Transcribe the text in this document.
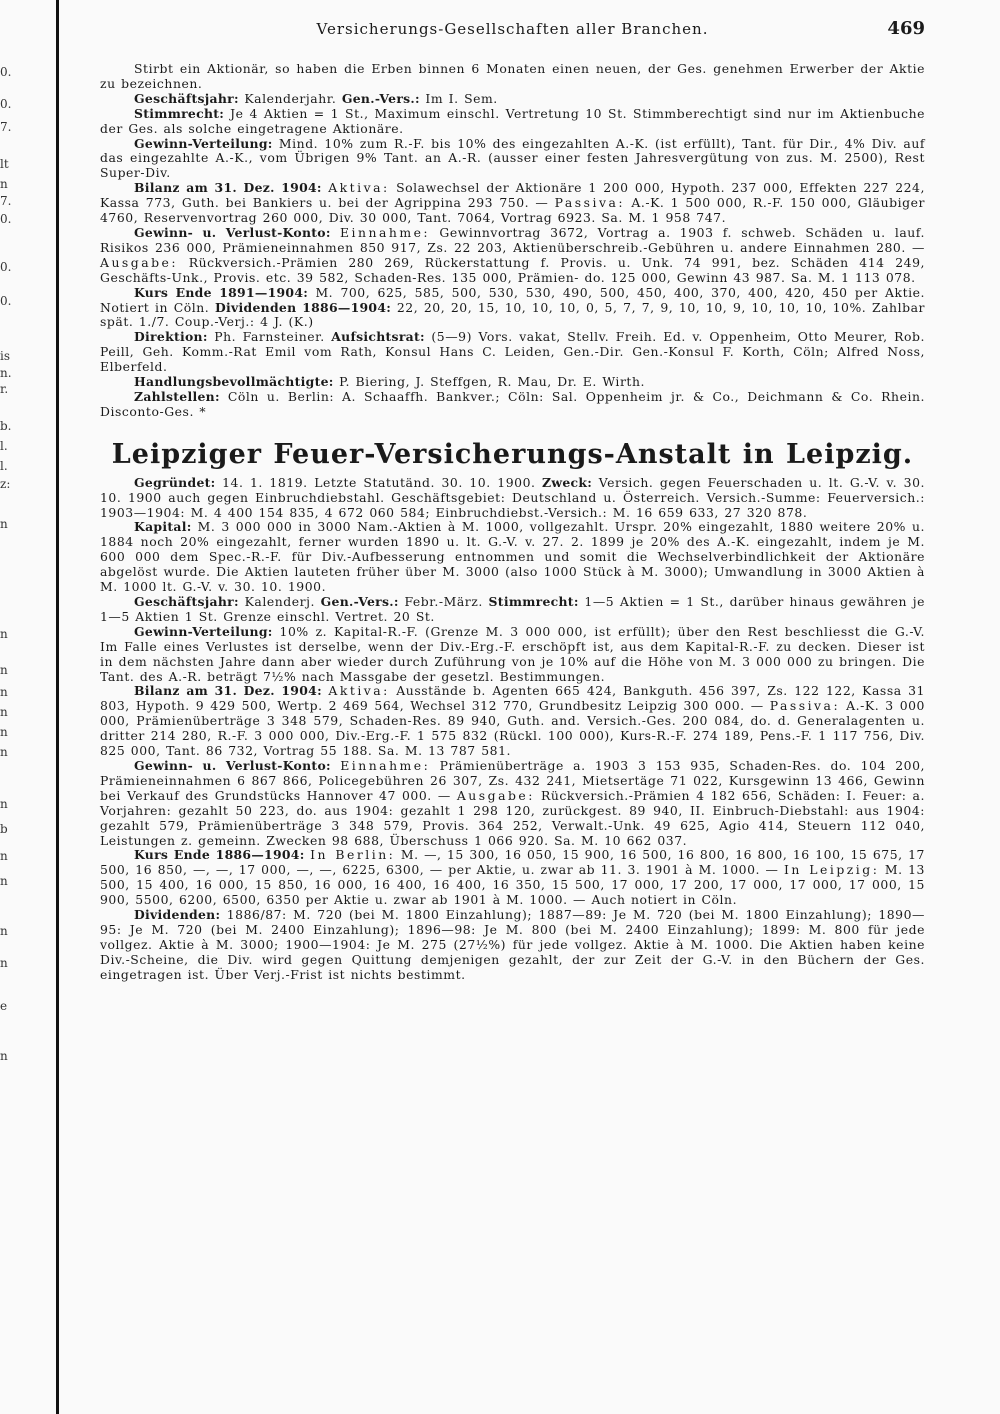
0.
0.
7.
lt
n
7.
0.
0.
0.
is
n.
r.
b.
l.
l.
z:
n
n
n
n
n
n
n
n
b
n
n
n
n
e
n
Versicherungs-Gesellschaften aller Branchen.	469

Stirbt ein Aktionär, so haben die Erben binnen 6 Monaten einen neuen, der Ges. genehmen Erwerber der Aktie zu bezeichnen.

Geschäftsjahr: Kalenderjahr. Gen.-Vers.: Im I. Sem.

Stimmrecht: Je 4 Aktien = 1 St., Maximum einschl. Vertretung 10 St. Stimmberechtigt sind nur im Aktienbuche der Ges. als solche eingetragene Aktionäre.

Gewinn-Verteilung: Mind. 10% zum R.-F. bis 10% des eingezahlten A.-K. (ist erfüllt), Tant. für Dir., 4% Div. auf das eingezahlte A.-K., vom Übrigen 9% Tant. an A.-R. (ausser einer festen Jahresvergütung von zus. M. 2500), Rest Super-Div.

Bilanz am 31. Dez. 1904: Aktiva: Solawechsel der Aktionäre 1 200 000, Hypoth. 237 000, Effekten 227 224, Kassa 773, Guth. bei Bankiers u. bei der Agrippina 293 750. — Passiva: A.-K. 1 500 000, R.-F. 150 000, Gläubiger 4760, Reservenvortrag 260 000, Div. 30 000, Tant. 7064, Vortrag 6923. Sa. M. 1 958 747.

Gewinn- u. Verlust-Konto: Einnahme: Gewinnvortrag 3672, Vortrag a. 1903 f. schweb. Schäden u. lauf. Risikos 236 000, Prämieneinnahmen 850 917, Zs. 22 203, Aktienüberschreib.-Gebühren u. andere Einnahmen 280. — Ausgabe: Rückversich.-Prämien 280 269, Rückerstattung f. Provis. u. Unk. 74 991, bez. Schäden 414 249, Geschäfts-Unk., Provis. etc. 39 582, Schaden-Res. 135 000, Prämien- do. 125 000, Gewinn 43 987. Sa. M. 1 113 078.

Kurs Ende 1891—1904: M. 700, 625, 585, 500, 530, 530, 490, 500, 450, 400, 370, 400, 420, 450 per Aktie. Notiert in Cöln. Dividenden 1886—1904: 22, 20, 20, 15, 10, 10, 10, 0, 5, 7, 7, 9, 10, 10, 9, 10, 10, 10, 10%. Zahlbar spät. 1./7. Coup.-Verj.: 4 J. (K.)

Direktion: Ph. Farnsteiner. Aufsichtsrat: (5—9) Vors. vakat, Stellv. Freih. Ed. v. Oppenheim, Otto Meurer, Rob. Peill, Geh. Komm.-Rat Emil vom Rath, Konsul Hans C. Leiden, Gen.-Dir. Gen.-Konsul F. Korth, Cöln; Alfred Noss, Elberfeld.

Handlungsbevollmächtigte: P. Biering, J. Steffgen, R. Mau, Dr. E. Wirth.

Zahlstellen: Cöln u. Berlin: A. Schaaffh. Bankver.; Cöln: Sal. Oppenheim jr. & Co., Deichmann & Co. Rhein. Disconto-Ges. *

Leipziger Feuer-Versicherungs-Anstalt in Leipzig.

Gegründet: 14. 1. 1819. Letzte Statutänd. 30. 10. 1900. Zweck: Versich. gegen Feuerschaden u. lt. G.-V. v. 30. 10. 1900 auch gegen Einbruchdiebstahl. Geschäftsgebiet: Deutschland u. Österreich. Versich.-Summe: Feuerversich.: 1903—1904: M. 4 400 154 835, 4 672 060 584; Einbruchdiebst.-Versich.: M. 16 659 633, 27 320 878.

Kapital: M. 3 000 000 in 3000 Nam.-Aktien à M. 1000, vollgezahlt. Urspr. 20% eingezahlt, 1880 weitere 20% u. 1884 noch 20% eingezahlt, ferner wurden 1890 u. lt. G.-V. v. 27. 2. 1899 je 20% des A.-K. eingezahlt, indem je M. 600 000 dem Spec.-R.-F. für Div.-Aufbesserung entnommen und somit die Wechselverbindlichkeit der Aktionäre abgelöst wurde. Die Aktien lauteten früher über M. 3000 (also 1000 Stück à M. 3000); Umwandlung in 3000 Aktien à M. 1000 lt. G.-V. v. 30. 10. 1900.

Geschäftsjahr: Kalenderj. Gen.-Vers.: Febr.-März. Stimmrecht: 1—5 Aktien = 1 St., darüber hinaus gewähren je 1—5 Aktien 1 St. Grenze einschl. Vertret. 20 St.

Gewinn-Verteilung: 10% z. Kapital-R.-F. (Grenze M. 3 000 000, ist erfüllt); über den Rest beschliesst die G.-V. Im Falle eines Verlustes ist derselbe, wenn der Div.-Erg.-F. erschöpft ist, aus dem Kapital-R.-F. zu decken. Dieser ist in dem nächsten Jahre dann aber wieder durch Zuführung von je 10% auf die Höhe von M. 3 000 000 zu bringen. Die Tant. des A.-R. beträgt 7½% nach Massgabe der gesetzl. Bestimmungen.

Bilanz am 31. Dez. 1904: Aktiva: Ausstände b. Agenten 665 424, Bankguth. 456 397, Zs. 122 122, Kassa 31 803, Hypoth. 9 429 500, Wertp. 2 469 564, Wechsel 312 770, Grundbesitz Leipzig 300 000. — Passiva: A.-K. 3 000 000, Prämienüberträge 3 348 579, Schaden-Res. 89 940, Guth. and. Versich.-Ges. 200 084, do. d. Generalagenten u. dritter 214 280, R.-F. 3 000 000, Div.-Erg.-F. 1 575 832 (Rückl. 100 000), Kurs-R.-F. 274 189, Pens.-F. 1 117 756, Div. 825 000, Tant. 86 732, Vortrag 55 188. Sa. M. 13 787 581.

Gewinn- u. Verlust-Konto: Einnahme: Prämienüberträge a. 1903 3 153 935, Schaden-Res. do. 104 200, Prämieneinnahmen 6 867 866, Policegebühren 26 307, Zs. 432 241, Mietsertäge 71 022, Kursgewinn 13 466, Gewinn bei Verkauf des Grundstücks Hannover 47 000. — Ausgabe: Rückversich.-Prämien 4 182 656, Schäden: I. Feuer: a. Vorjahren: gezahlt 50 223, do. aus 1904: gezahlt 1 298 120, zurückgest. 89 940, II. Einbruch-Diebstahl: aus 1904: gezahlt 579, Prämienüberträge 3 348 579, Provis. 364 252, Verwalt.-Unk. 49 625, Agio 414, Steuern 112 040, Leistungen z. gemeinn. Zwecken 98 688, Überschuss 1 066 920. Sa. M. 10 662 037.

Kurs Ende 1886—1904: In Berlin: M. —, 15 300, 16 050, 15 900, 16 500, 16 800, 16 800, 16 100, 15 675, 17 500, 16 850, —, —, 17 000, —, —, 6225, 6300, — per Aktie, u. zwar ab 11. 3. 1901 à M. 1000. — In Leipzig: M. 13 500, 15 400, 16 000, 15 850, 16 000, 16 400, 16 400, 16 350, 15 500, 17 000, 17 200, 17 000, 17 000, 17 000, 15 900, 5500, 6200, 6500, 6350 per Aktie u. zwar ab 1901 à M. 1000. — Auch notiert in Cöln.

Dividenden: 1886/87: M. 720 (bei M. 1800 Einzahlung); 1887—89: Je M. 720 (bei M. 1800 Einzahlung); 1890—95: Je M. 720 (bei M. 2400 Einzahlung); 1896—98: Je M. 800 (bei M. 2400 Einzahlung); 1899: M. 800 für jede vollgez. Aktie à M. 3000; 1900—1904: Je M. 275 (27½%) für jede vollgez. Aktie à M. 1000. Die Aktien haben keine Div.-Scheine, die Div. wird gegen Quittung demjenigen gezahlt, der zur Zeit der G.-V. in den Büchern der Ges. eingetragen ist. Über Verj.-Frist ist nichts bestimmt.
